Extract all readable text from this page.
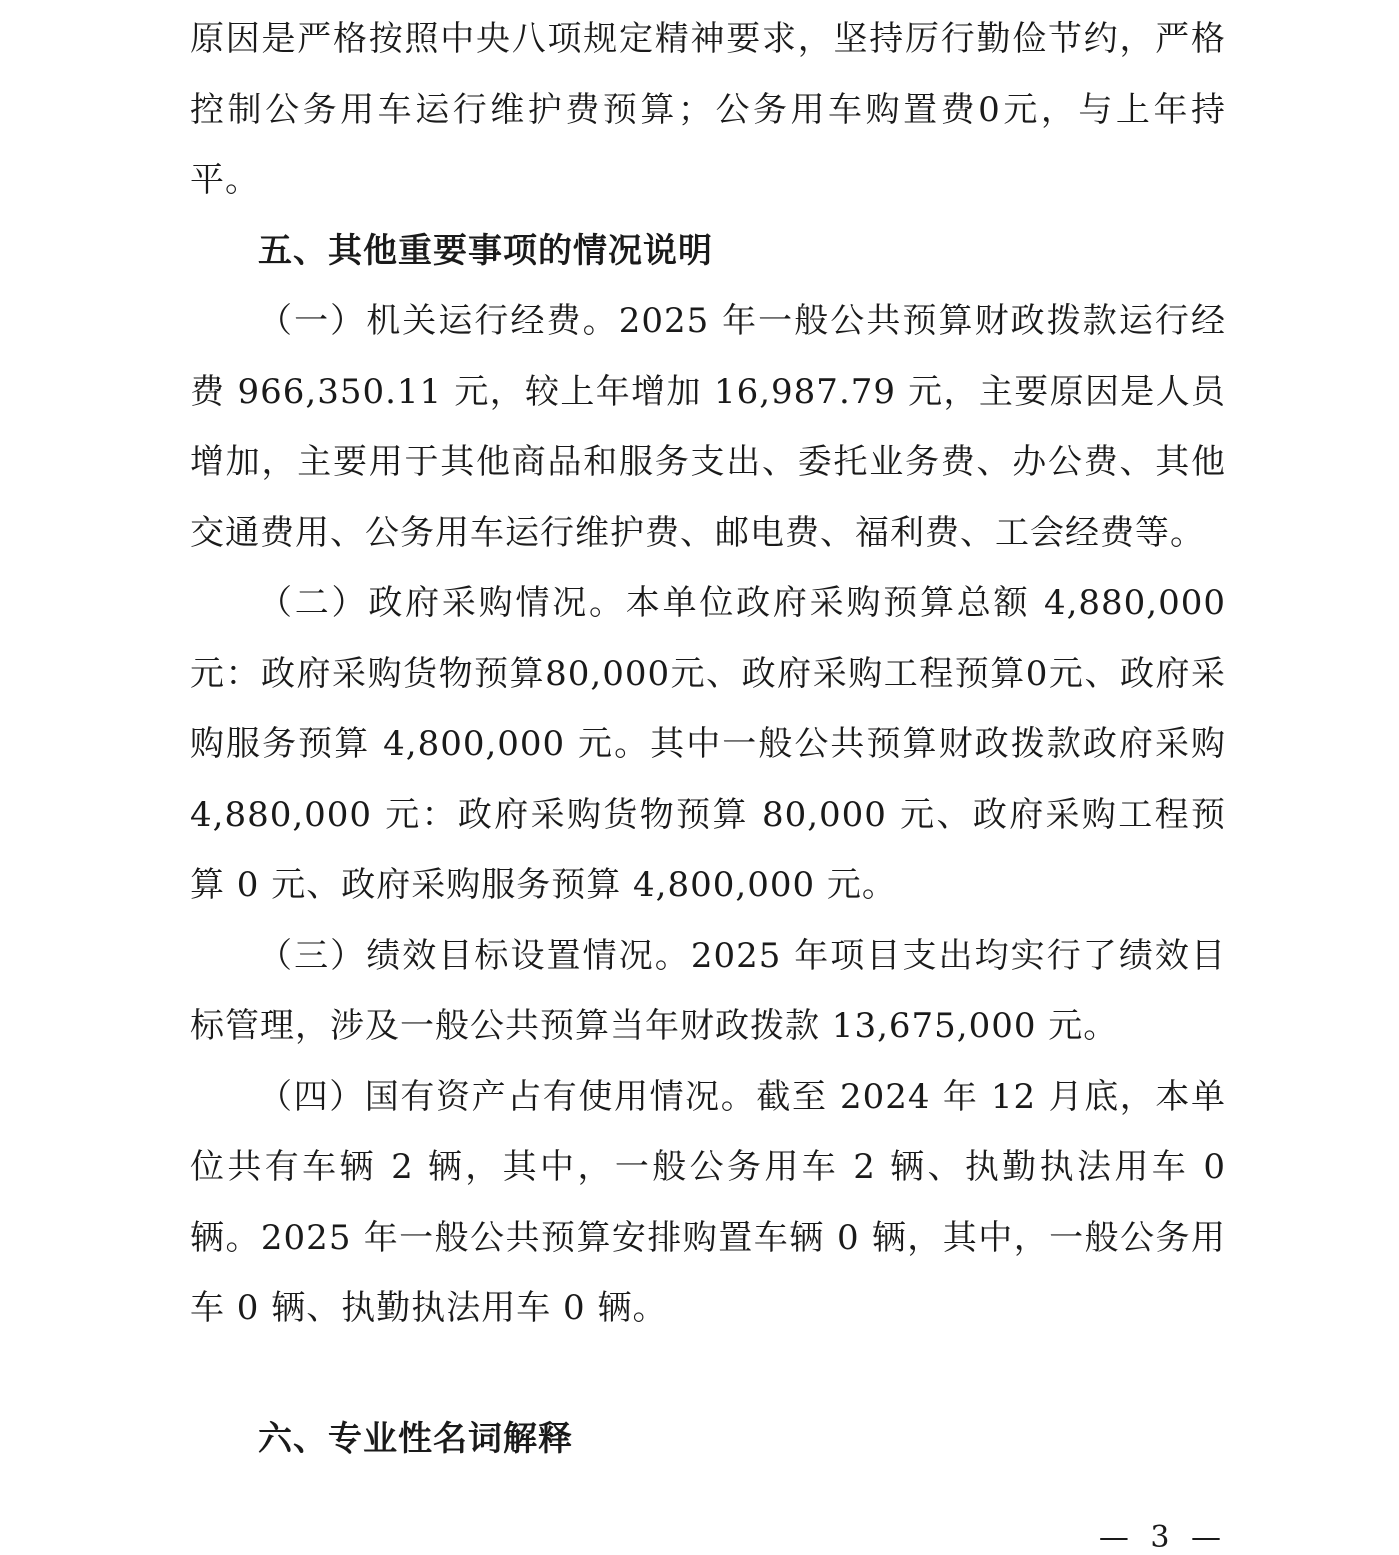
原因是严格按照中央八项规定精神要求，坚持厉行勤俭节约，严格控制公务用车运行维护费预算；公务用车购置费0元，与上年持平。

五、其他重要事项的情况说明

（一）机关运行经费。2025 年一般公共预算财政拨款运行经费 966,350.11 元，较上年增加 16,987.79 元，主要原因是人员增加，主要用于其他商品和服务支出、委托业务费、办公费、其他交通费用、公务用车运行维护费、邮电费、福利费、工会经费等。

（二）政府采购情况。本单位政府采购预算总额 4,880,000 元：政府采购货物预算80,000元、政府采购工程预算0元、政府采购服务预算 4,800,000 元。其中一般公共预算财政拨款政府采购 4,880,000 元：政府采购货物预算 80,000 元、政府采购工程预算 0 元、政府采购服务预算 4,800,000 元。

（三）绩效目标设置情况。2025 年项目支出均实行了绩效目标管理，涉及一般公共预算当年财政拨款 13,675,000 元。

（四）国有资产占有使用情况。截至 2024 年 12 月底，本单位共有车辆 2 辆，其中，一般公务用车 2 辆、执勤执法用车 0 辆。2025 年一般公共预算安排购置车辆 0 辆，其中，一般公务用车 0 辆、执勤执法用车 0 辆。

六、专业性名词解释

— 3 —
